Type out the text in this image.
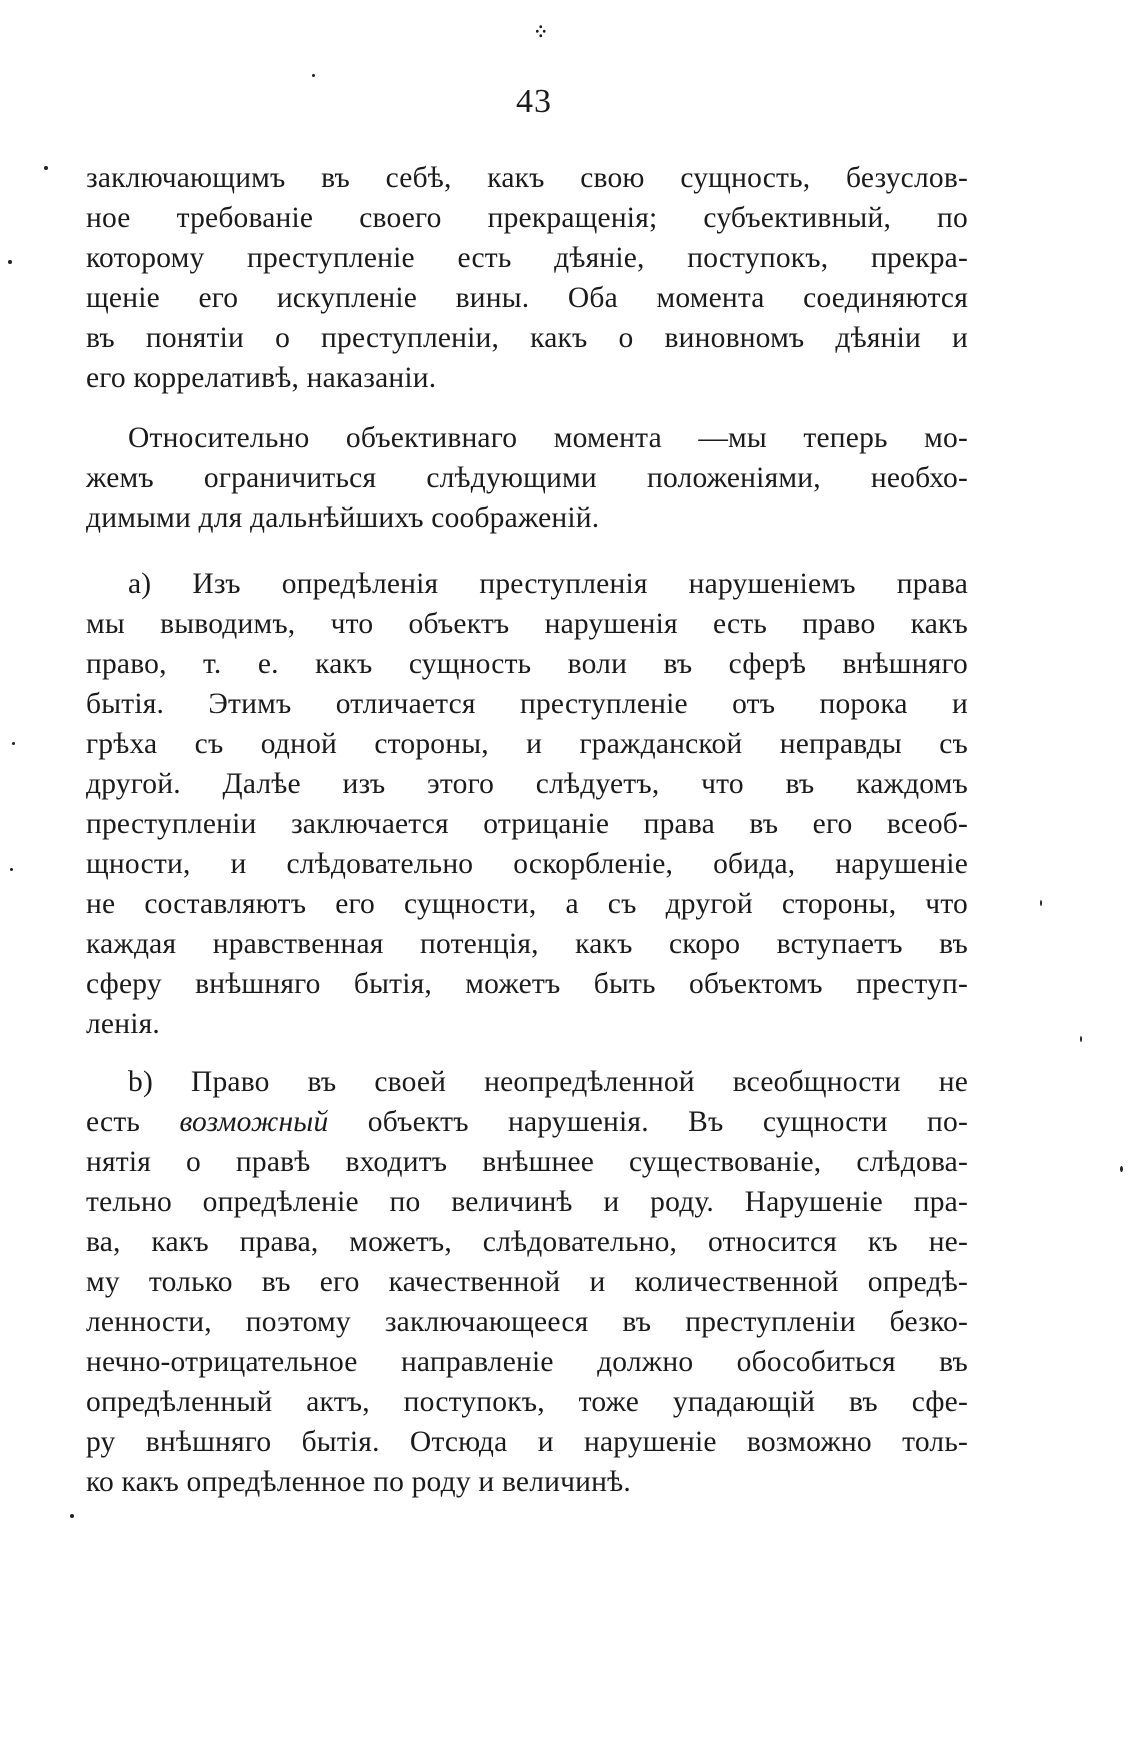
᠅
43
заключающимъ въ себѣ, какъ свою сущность, безуслов-
ное требованіе своего прекращенія; субъективный, по
которому преступленіе есть дѣяніе, поступокъ, прекра-
щеніе его искупленіе вины. Оба момента соединяются
въ понятіи о преступленіи, какъ о виновномъ дѣяніи и
его коррелативѣ, наказаніи.
Относительно объективнаго момента —мы теперь мо-
жемъ ограничиться слѣдующими положеніями, необхо-
димыми для дальнѣйшихъ соображеній.
a) Изъ опредѣленія преступленія нарушеніемъ права
мы выводимъ, что объектъ нарушенія есть право какъ
право, т. е. какъ сущность воли въ сферѣ внѣшняго
бытія. Этимъ отличается преступленіе отъ порока и
грѣха съ одной стороны, и гражданской неправды съ
другой. Далѣе изъ этого слѣдуетъ, что въ каждомъ
преступленіи заключается отрицаніе права въ его всеоб-
щности, и слѣдовательно оскорбленіе, обида, нарушеніе
не составляютъ его сущности, а съ другой стороны, что
каждая нравственная потенція, какъ скоро вступаетъ въ
сферу внѣшняго бытія, можетъ быть объектомъ преступ-
ленія.
b) Право въ своей неопредѣленной всеобщности не
есть возможный объектъ нарушенія. Въ сущности по-
нятія о правѣ входитъ внѣшнее существованіе, слѣдова-
тельно опредѣленіе по величинѣ и роду. Нарушеніе пра-
ва, какъ права, можетъ, слѣдовательно, относится къ не-
му только въ его качественной и количественной опредѣ-
ленности, поэтому заключающееся въ преступленіи безко-
нечно-отрицательное направленіе должно обособиться въ
опредѣленный актъ, поступокъ, тоже упадающій въ сфе-
ру внѣшняго бытія. Отсюда и нарушеніе возможно толь-
ко какъ опредѣленное по роду и величинѣ.
